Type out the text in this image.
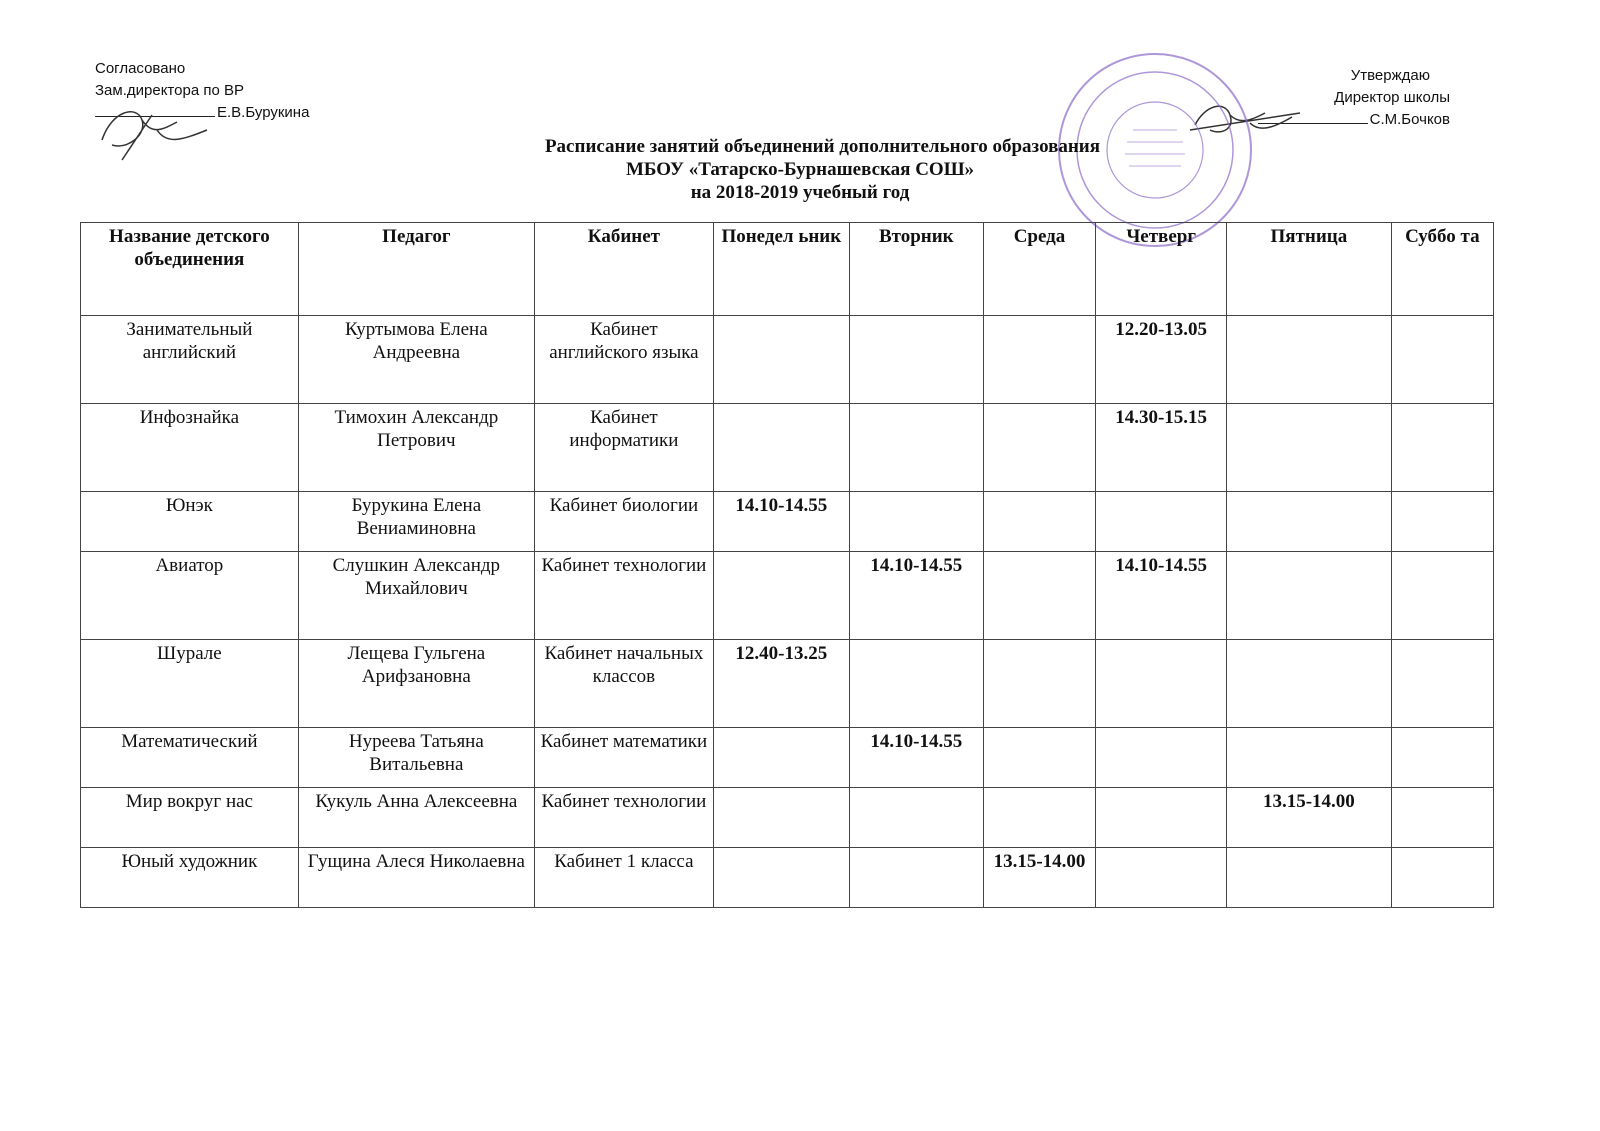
Согласовано
Зам.директора по ВР
Е.В.Бурукина
Утверждаю
Директор школы
С.М.Бочков
Расписание занятий объединений дополнительного образования
МБОУ «Татарско-Бурнашевская СОШ»
на 2018-2019 учебный год
Название детского объединения	Педагог	Кабинет	Понедел ьник	Вторник	Среда	Четверг	Пятница	Суббо та
Занимательный английский	Куртымова Елена Андреевна	Кабинет английского языка				12.20-13.05		
Инфознайка	Тимохин Александр Петрович	Кабинет информатики				14.30-15.15		
Юнэк	Бурукина Елена Вениаминовна	Кабинет биологии	14.10-14.55					
Авиатор	Слушкин Александр Михайлович	Кабинет технологии		14.10-14.55		14.10-14.55		
Шурале	Лещева Гульгена Арифзановна	Кабинет начальных классов	12.40-13.25					
Математический	Нуреева Татьяна Витальевна	Кабинет математики		14.10-14.55				
Мир вокруг нас	Кукуль Анна Алексеевна	Кабинет технологии					13.15-14.00	
Юный художник	Гущина Алеся Николаевна	Кабинет 1 класса			13.15-14.00			
